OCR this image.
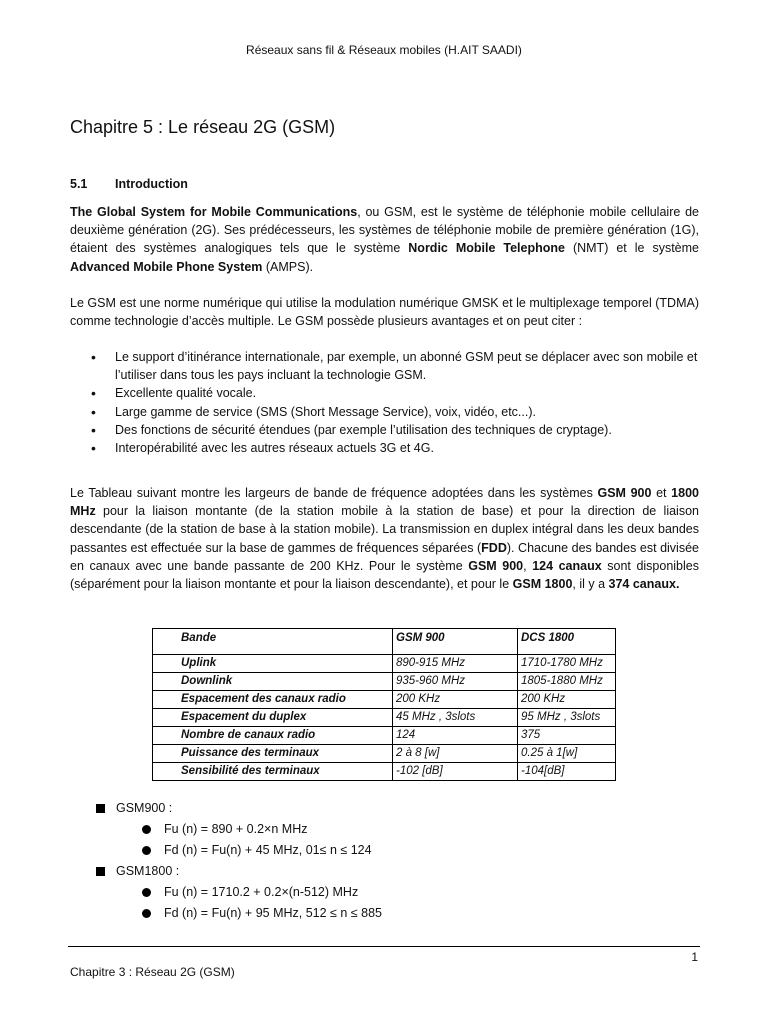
Réseaux sans fil & Réseaux mobiles (H.AIT SAADI)
Chapitre 5 : Le réseau 2G (GSM)
5.1 Introduction

The Global System for Mobile Communications, ou GSM, est le système de téléphonie mobile cellulaire de deuxième génération (2G). Ses prédécesseurs, les systèmes de téléphonie mobile de première génération (1G), étaient des systèmes analogiques tels que le système Nordic Mobile Telephone (NMT) et le système Advanced Mobile Phone System (AMPS).

Le GSM est une norme numérique qui utilise la modulation numérique GMSK et le multiplexage temporel (TDMA) comme technologie d’accès multiple. Le GSM possède plusieurs avantages et on peut citer :

• Le support d’itinérance internationale, par exemple, un abonné GSM peut se déplacer avec son mobile et l’utiliser dans tous les pays incluant la technologie GSM.
• Excellente qualité vocale.
• Large gamme de service (SMS (Short Message Service), voix, vidéo, etc...).
• Des fonctions de sécurité étendues (par exemple l’utilisation des techniques de cryptage).
• Interopérabilité avec les autres réseaux actuels 3G et 4G.

Le Tableau suivant montre les largeurs de bande de fréquence adoptées dans les systèmes GSM 900 et 1800 MHz pour la liaison montante (de la station mobile à la station de base) et pour la direction de liaison descendante (de la station de base à la station mobile). La transmission en duplex intégral dans les deux bandes passantes est effectuée sur la base de gammes de fréquences séparées (FDD). Chacune des bandes est divisée en canaux avec une bande passante de 200 KHz. Pour le système GSM 900, 124 canaux sont disponibles (séparément pour la liaison montante et pour la liaison descendante), et pour le GSM 1800, il y a 374 canaux.

Bande	GSM 900	DCS 1800
Uplink	890-915 MHz	1710-1780 MHz
Downlink	935-960 MHz	1805-1880 MHz
Espacement des canaux radio	200 KHz	200 KHz
Espacement du duplex	45 MHz , 3slots	95 MHz , 3slots
Nombre de canaux radio	124	375
Puissance des terminaux	2 à 8 [w]	0.25 à 1[w]
Sensibilité des terminaux	-102 [dB]	-104[dB]
GSM900 :
Fu (n) = 890 + 0.2×n MHz
Fd (n) = Fu(n) + 45 MHz, 01≤ n ≤ 124
GSM1800 :
Fu (n) = 1710.2 + 0.2×(n-512) MHz
Fd (n) = Fu(n) + 95 MHz, 512 ≤ n ≤ 885
1
Chapitre 3 : Réseau 2G (GSM)
